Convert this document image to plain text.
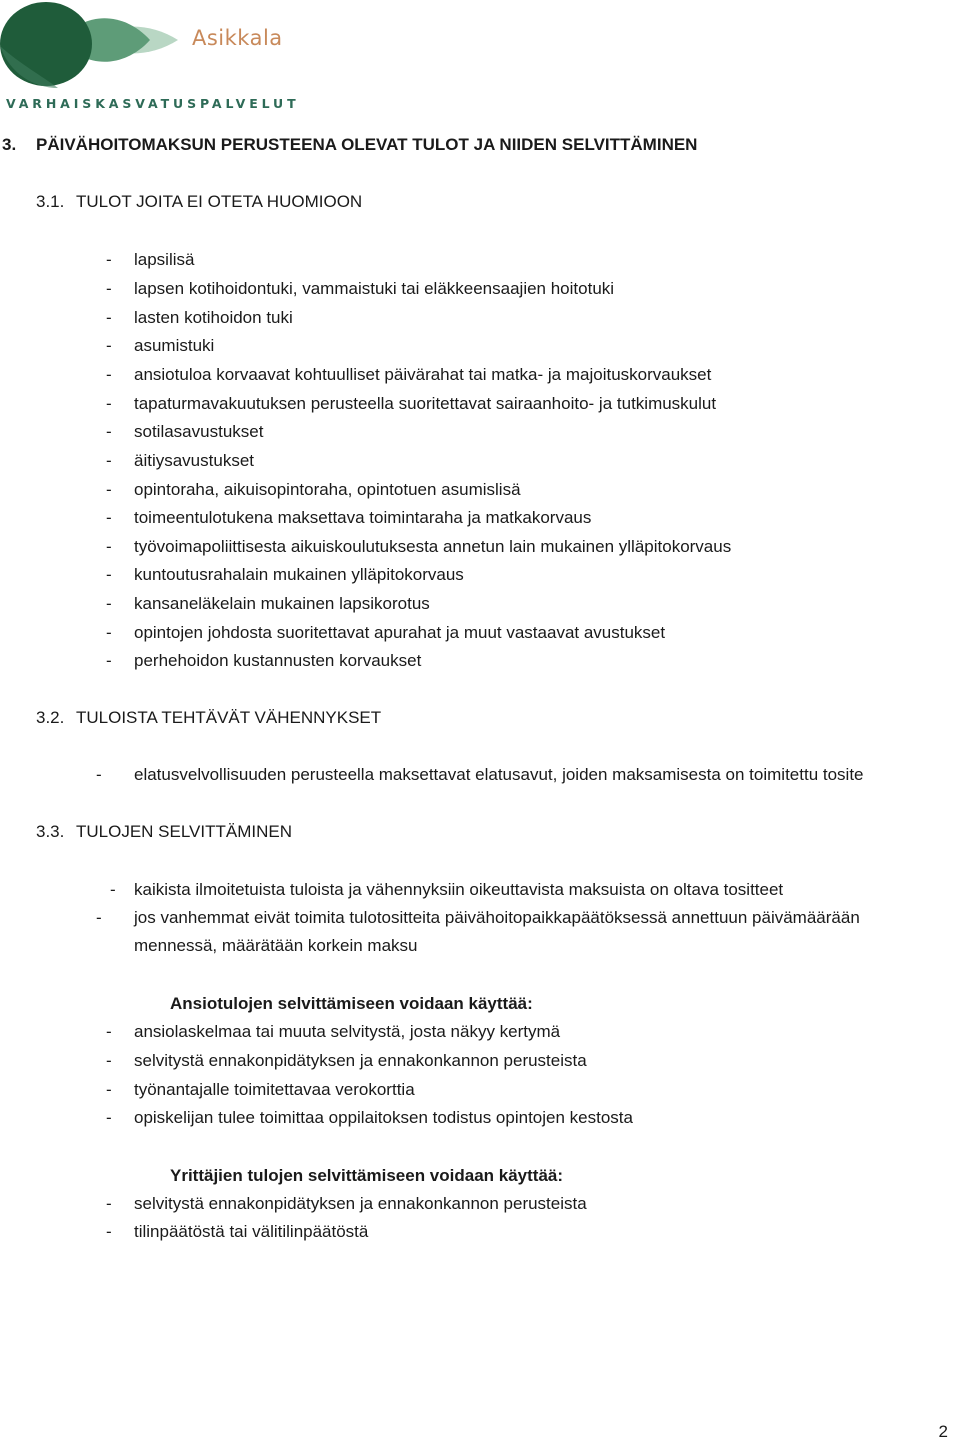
Asikkala
VARHAISKASVATUSPALVELUT
3. PÄIVÄHOITOMAKSUN PERUSTEENA OLEVAT TULOT JA NIIDEN SELVITTÄMINEN
3.1. TULOT JOITA EI OTETA HUOMIOON
- lapsilisä
- lapsen kotihoidontuki, vammaistuki tai eläkkeensaajien hoitotuki
- lasten kotihoidon tuki
- asumistuki
- ansiotuloa korvaavat kohtuulliset päivärahat tai matka- ja majoituskorvaukset
- tapaturmavakuutuksen perusteella suoritettavat sairaanhoito- ja tutkimuskulut
- sotilasavustukset
- äitiysavustukset
- opintoraha, aikuisopintoraha, opintotuen asumislisä
- toimeentulotukena maksettava toimintaraha ja matkakorvaus
- työvoimapoliittisesta aikuiskoulutuksesta annetun lain mukainen ylläpitokorvaus
- kuntoutusrahalain mukainen ylläpitokorvaus
- kansaneläkelain mukainen lapsikorotus
- opintojen johdosta suoritettavat apurahat ja muut vastaavat avustukset
- perhehoidon kustannusten korvaukset
3.2. TULOISTA TEHTÄVÄT VÄHENNYKSET
- elatusvelvollisuuden perusteella maksettavat elatusavut, joiden maksamisesta on toimitettu tosite
3.3. TULOJEN SELVITTÄMINEN
- kaikista ilmoitetuista tuloista ja vähennyksiin oikeuttavista maksuista on oltava tositteet
- jos vanhemmat eivät toimita tulotositteita päivähoitopaikkapäätöksessä annettuun päivämäärään
mennessä, määrätään korkein maksu
Ansiotulojen selvittämiseen voidaan käyttää:
- ansiolaskelmaa tai muuta selvitystä, josta näkyy kertymä
- selvitystä ennakonpidätyksen ja ennakonkannon perusteista
- työnantajalle toimitettavaa verokorttia
- opiskelijan tulee toimittaa oppilaitoksen todistus opintojen kestosta
Yrittäjien tulojen selvittämiseen voidaan käyttää:
- selvitystä ennakonpidätyksen ja ennakonkannon perusteista
- tilinpäätöstä tai välitilinpäätöstä
2
